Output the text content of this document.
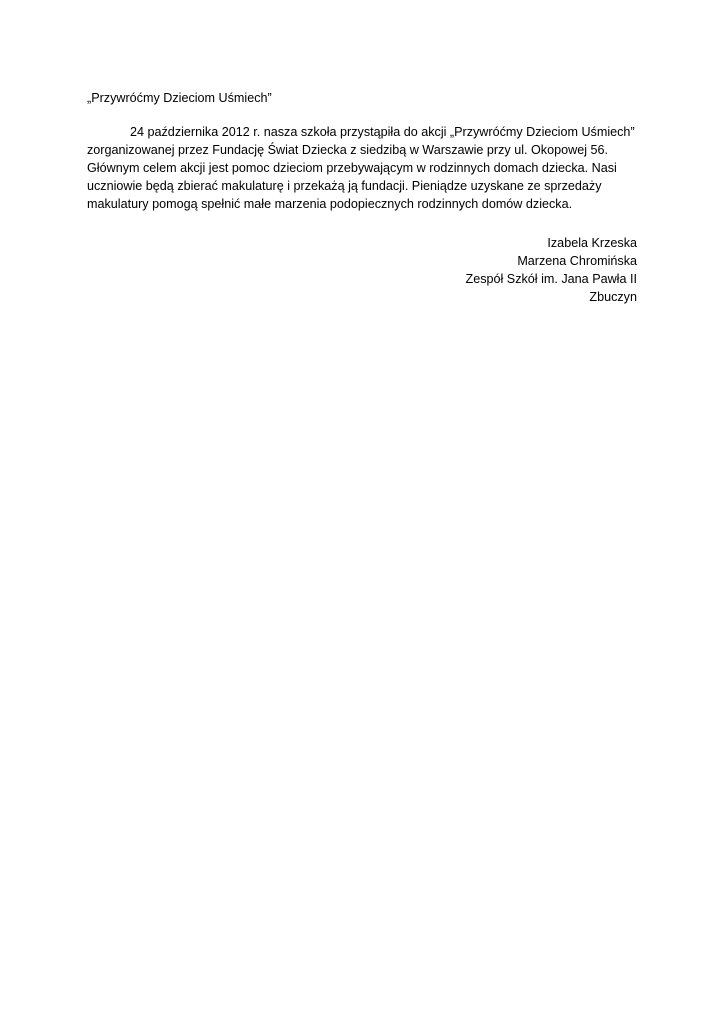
„Przywróćmy Dzieciom Uśmiech”
24 października 2012 r. nasza szkoła przystąpiła do akcji „Przywróćmy Dzieciom Uśmiech”
zorganizowanej przez Fundację Świat Dziecka z siedzibą w Warszawie przy ul. Okopowej 56.
Głównym celem akcji jest pomoc dzieciom przebywającym w rodzinnych domach dziecka. Nasi
uczniowie będą zbierać makulaturę i przekażą ją fundacji. Pieniądze uzyskane ze sprzedaży
makulatury pomogą spełnić małe marzenia podopiecznych rodzinnych domów dziecka.
Izabela Krzeska
Marzena Chromińska
Zespół Szkół im. Jana Pawła II
Zbuczyn
